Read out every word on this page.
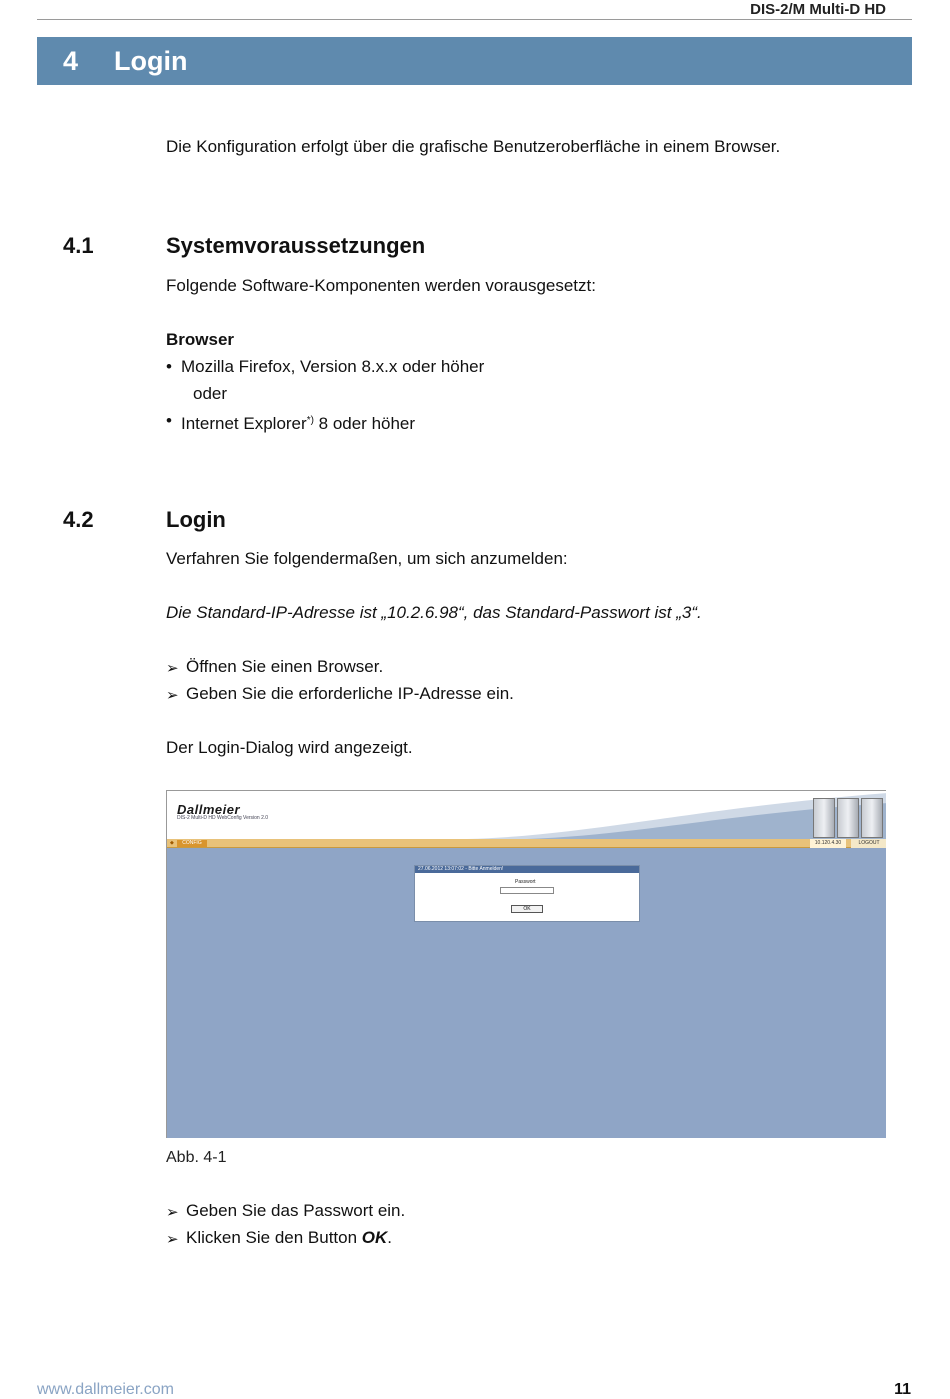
DIS-2/M Multi-D HD
4 Login
Die Konfiguration erfolgt über die grafische Benutzeroberfläche in einem Browser.
4.1	Systemvoraussetzungen
Folgende Software-Komponenten werden vorausgesetzt:
Browser
• Mozilla Firefox, Version 8.x.x oder höher
oder
• Internet Explorer*) 8 oder höher
4.2	Login
Verfahren Sie folgendermaßen, um sich anzumelden:
Die Standard-IP-Adresse ist „10.2.6.98“, das Standard-Passwort ist „3“.
➢ Öffnen Sie einen Browser.
➢ Geben Sie die erforderliche IP-Adresse ein.
Der Login-Dialog wird angezeigt.
Dallmeier
DIS-2 Multi-D HD WebConfig Version 2.0
◆	CONFIG	10.120.4.30	LOGOUT
27.06.2012 13:07:02 - Bitte Anmelden!
Passwort
OK
Abb. 4-1
➢ Geben Sie das Passwort ein.
➢ Klicken Sie den Button OK.
www.dallmeier.com	11
